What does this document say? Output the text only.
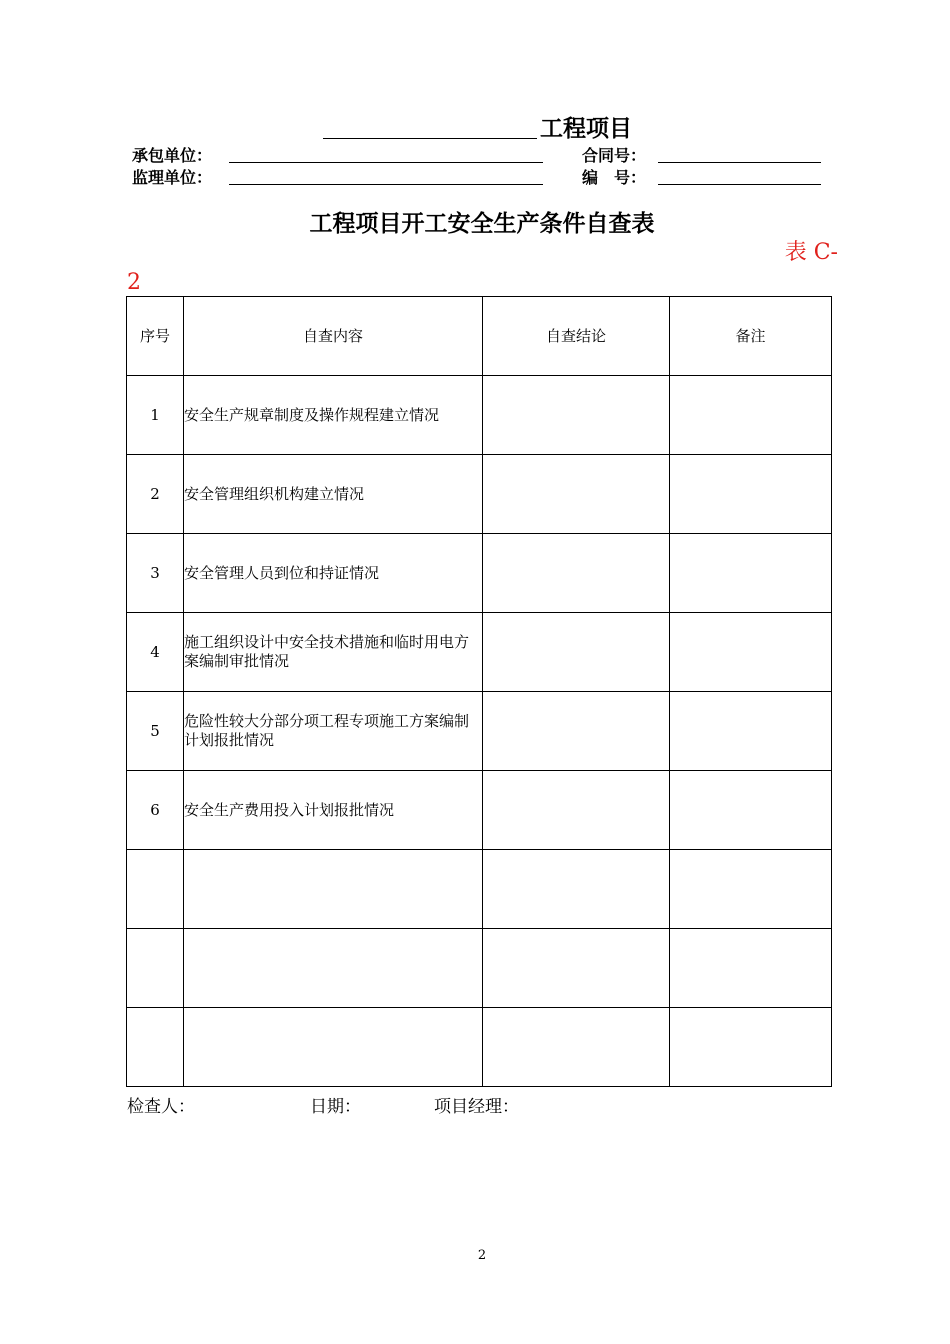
工程项目
承包单位：	合同号：
监理单位：	编　号：
工程项目开工安全生产条件自查表
表 C-
2
序号	自查内容	自查结论	备注
1	安全生产规章制度及操作规程建立情况		
2	安全管理组织机构建立情况		
3	安全管理人员到位和持证情况		
4	施工组织设计中安全技术措施和临时用电方案编制审批情况		
5	危险性较大分部分项工程专项施工方案编制计划报批情况		
6	安全生产费用投入计划报批情况		

检查人：	日期：	项目经理：
2
